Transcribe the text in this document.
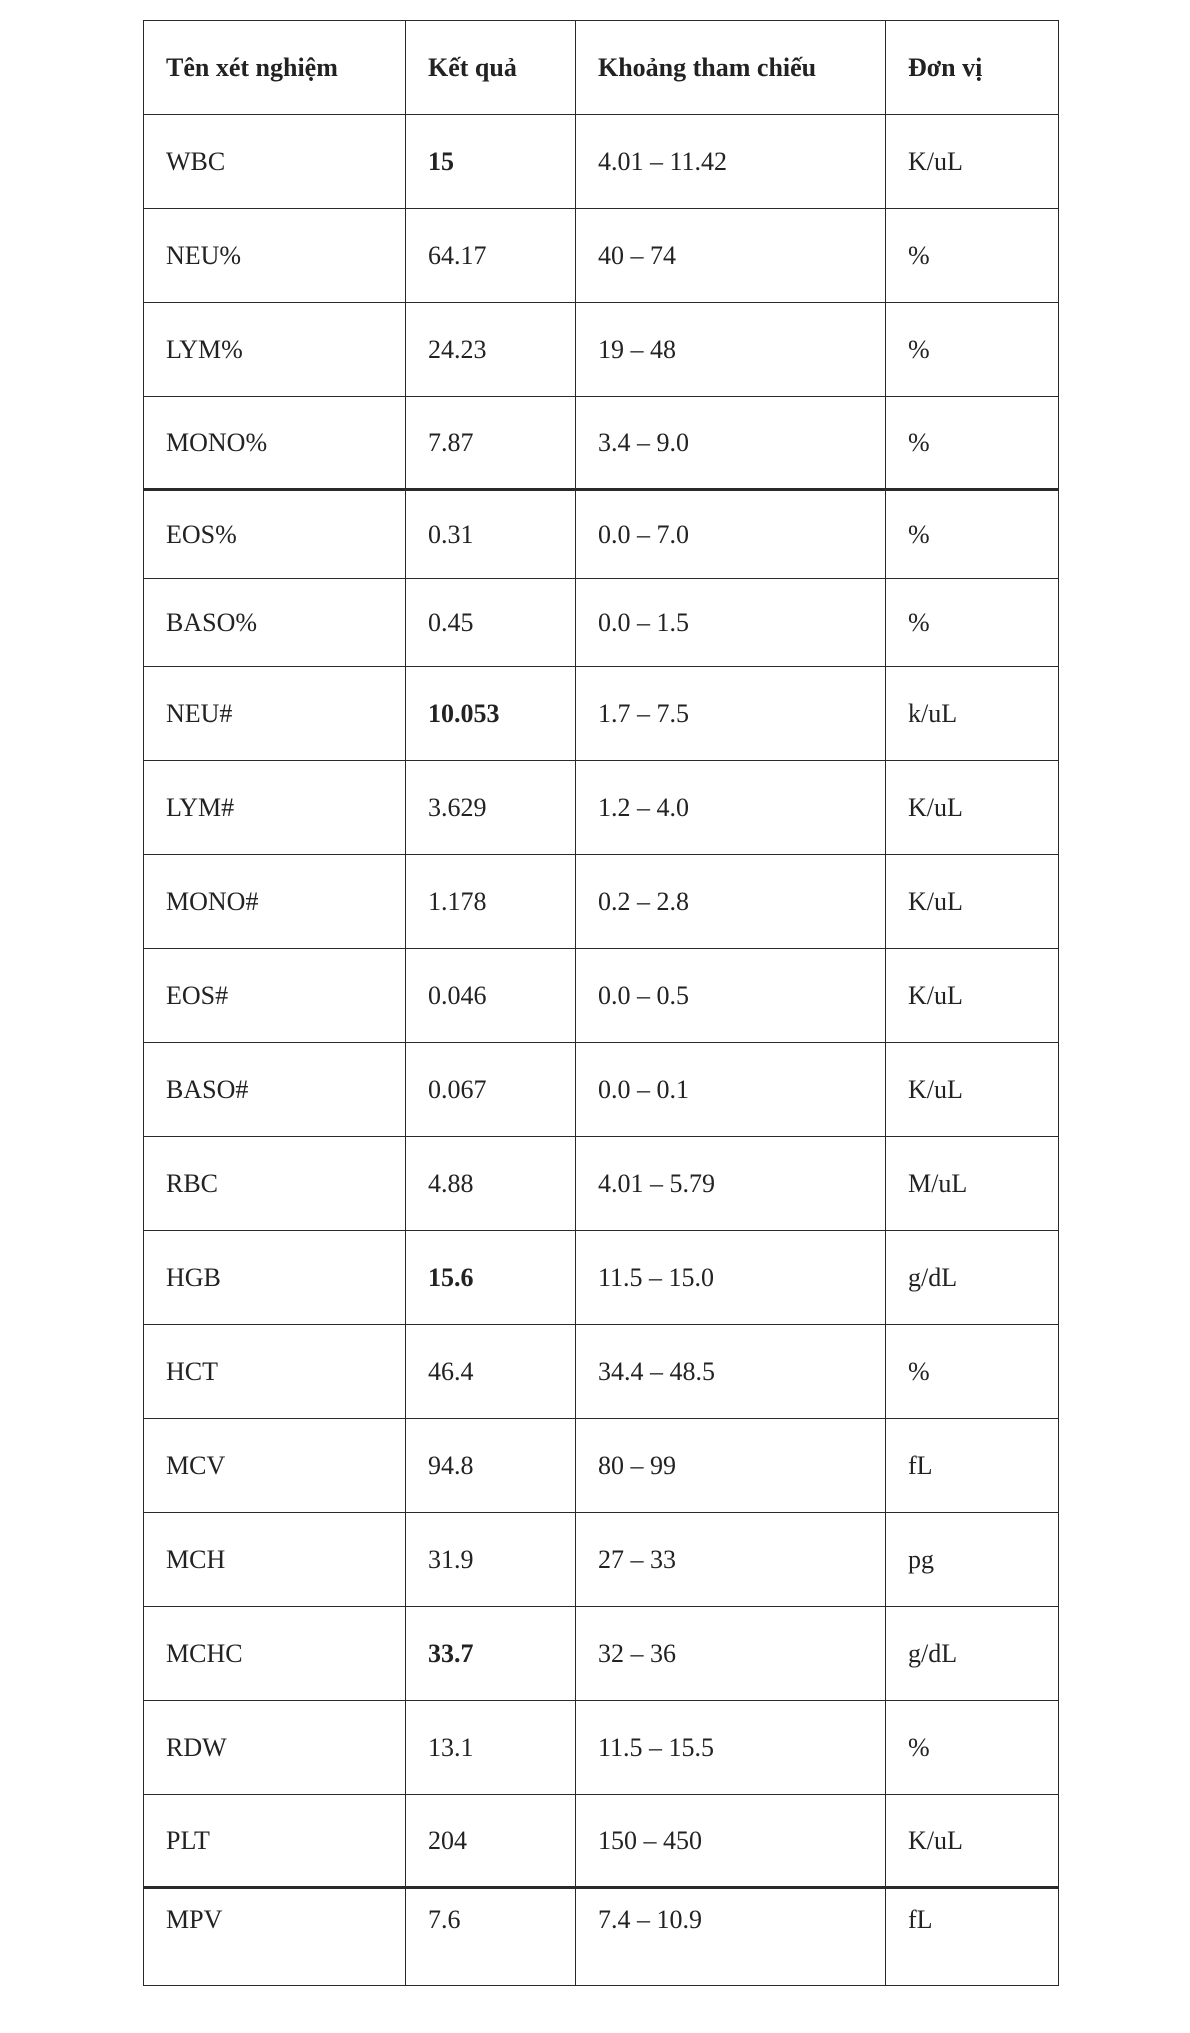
Tên xét nghiệm	Kết quả	Khoảng tham chiếu	Đơn vị
WBC	15	4.01 – 11.42	K/uL
NEU%	64.17	40 – 74	%
LYM%	24.23	19 – 48	%
MONO%	7.87	3.4 – 9.0	%
EOS%	0.31	0.0 – 7.0	%
BASO%	0.45	0.0 – 1.5	%
NEU#	10.053	1.7 – 7.5	k/uL
LYM#	3.629	1.2 – 4.0	K/uL
MONO#	1.178	0.2 – 2.8	K/uL
EOS#	0.046	0.0 – 0.5	K/uL
BASO#	0.067	0.0 – 0.1	K/uL
RBC	4.88	4.01 – 5.79	M/uL
HGB	15.6	11.5 – 15.0	g/dL
HCT	46.4	34.4 – 48.5	%
MCV	94.8	80 – 99	fL
MCH	31.9	27 – 33	pg
MCHC	33.7	32 – 36	g/dL
RDW	13.1	11.5 – 15.5	%
PLT	204	150 – 450	K/uL
MPV	7.6	7.4 – 10.9	fL
